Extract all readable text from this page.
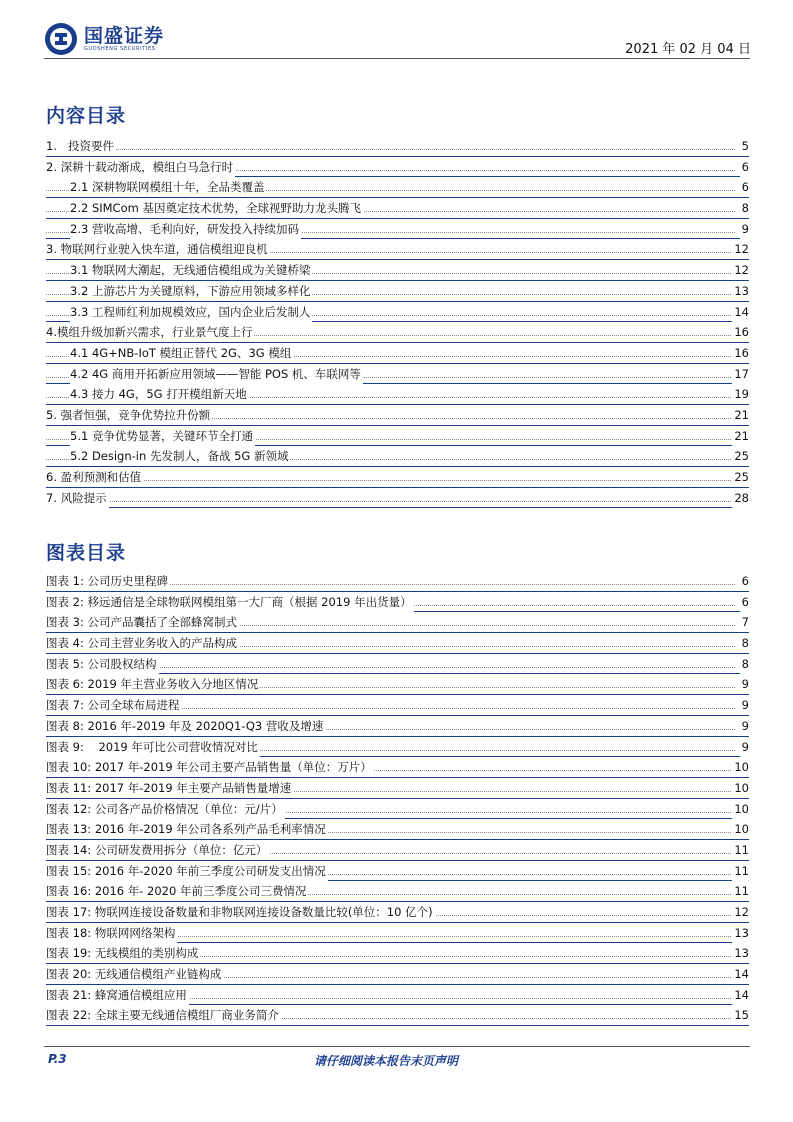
国盛证券
GUOSHENG SECURITIES	2021 年 02 月 04 日
内容目录
1.   投资要件	5
2. 深耕十载动渐成，模组白马急行时	6
2.1 深耕物联网模组十年，全品类覆盖	6
2.2 SIMCom 基因奠定技术优势，全球视野助力龙头腾飞	8
2.3 营收高增、毛利向好，研发投入持续加码	9
3. 物联网行业驶入快车道，通信模组迎良机	12
3.1 物联网大潮起，无线通信模组成为关键桥梁	12
3.2 上游芯片为关键原料，下游应用领域多样化	13
3.3 工程师红利加规模效应，国内企业后发制人	14
4.模组升级加新兴需求，行业景气度上行	16
4.1 4G+NB-IoT 模组正替代 2G、3G 模组	16
4.2 4G 商用开拓新应用领域——智能 POS 机、车联网等	17
4.3 接力 4G，5G 打开模组新天地	19
5. 强者恒强，竞争优势拉升份额	21
5.1 竞争优势显著，关键环节全打通	21
5.2 Design-in 先发制人，备战 5G 新领域	25
6. 盈利预测和估值	25
7. 风险提示	28
图表目录
图表 1: 公司历史里程碑	6
图表 2: 移远通信是全球物联网模组第一大厂商（根据 2019 年出货量）	6
图表 3: 公司产品囊括了全部蜂窝制式	7
图表 4: 公司主营业务收入的产品构成	8
图表 5: 公司股权结构	8
图表 6: 2019 年主营业务收入分地区情况	9
图表 7: 公司全球布局进程	9
图表 8: 2016 年-2019 年及 2020Q1-Q3 营收及增速	9
图表 9:    2019 年可比公司营收情况对比	9
图表 10: 2017 年-2019 年公司主要产品销售量（单位：万片）	10
图表 11: 2017 年-2019 年主要产品销售量增速	10
图表 12: 公司各产品价格情况（单位：元/片）	10
图表 13: 2016 年-2019 年公司各系列产品毛利率情况	10
图表 14: 公司研发费用拆分（单位：亿元）	11
图表 15: 2016 年-2020 年前三季度公司研发支出情况	11
图表 16: 2016 年- 2020 年前三季度公司三费情况	11
图表 17: 物联网连接设备数量和非物联网连接设备数量比较(单位：10 亿个)	12
图表 18: 物联网网络架构	13
图表 19: 无线模组的类别构成	13
图表 20: 无线通信模组产业链构成	14
图表 21: 蜂窝通信模组应用	14
图表 22: 全球主要无线通信模组厂商业务简介	15
P.3	请仔细阅读本报告末页声明
